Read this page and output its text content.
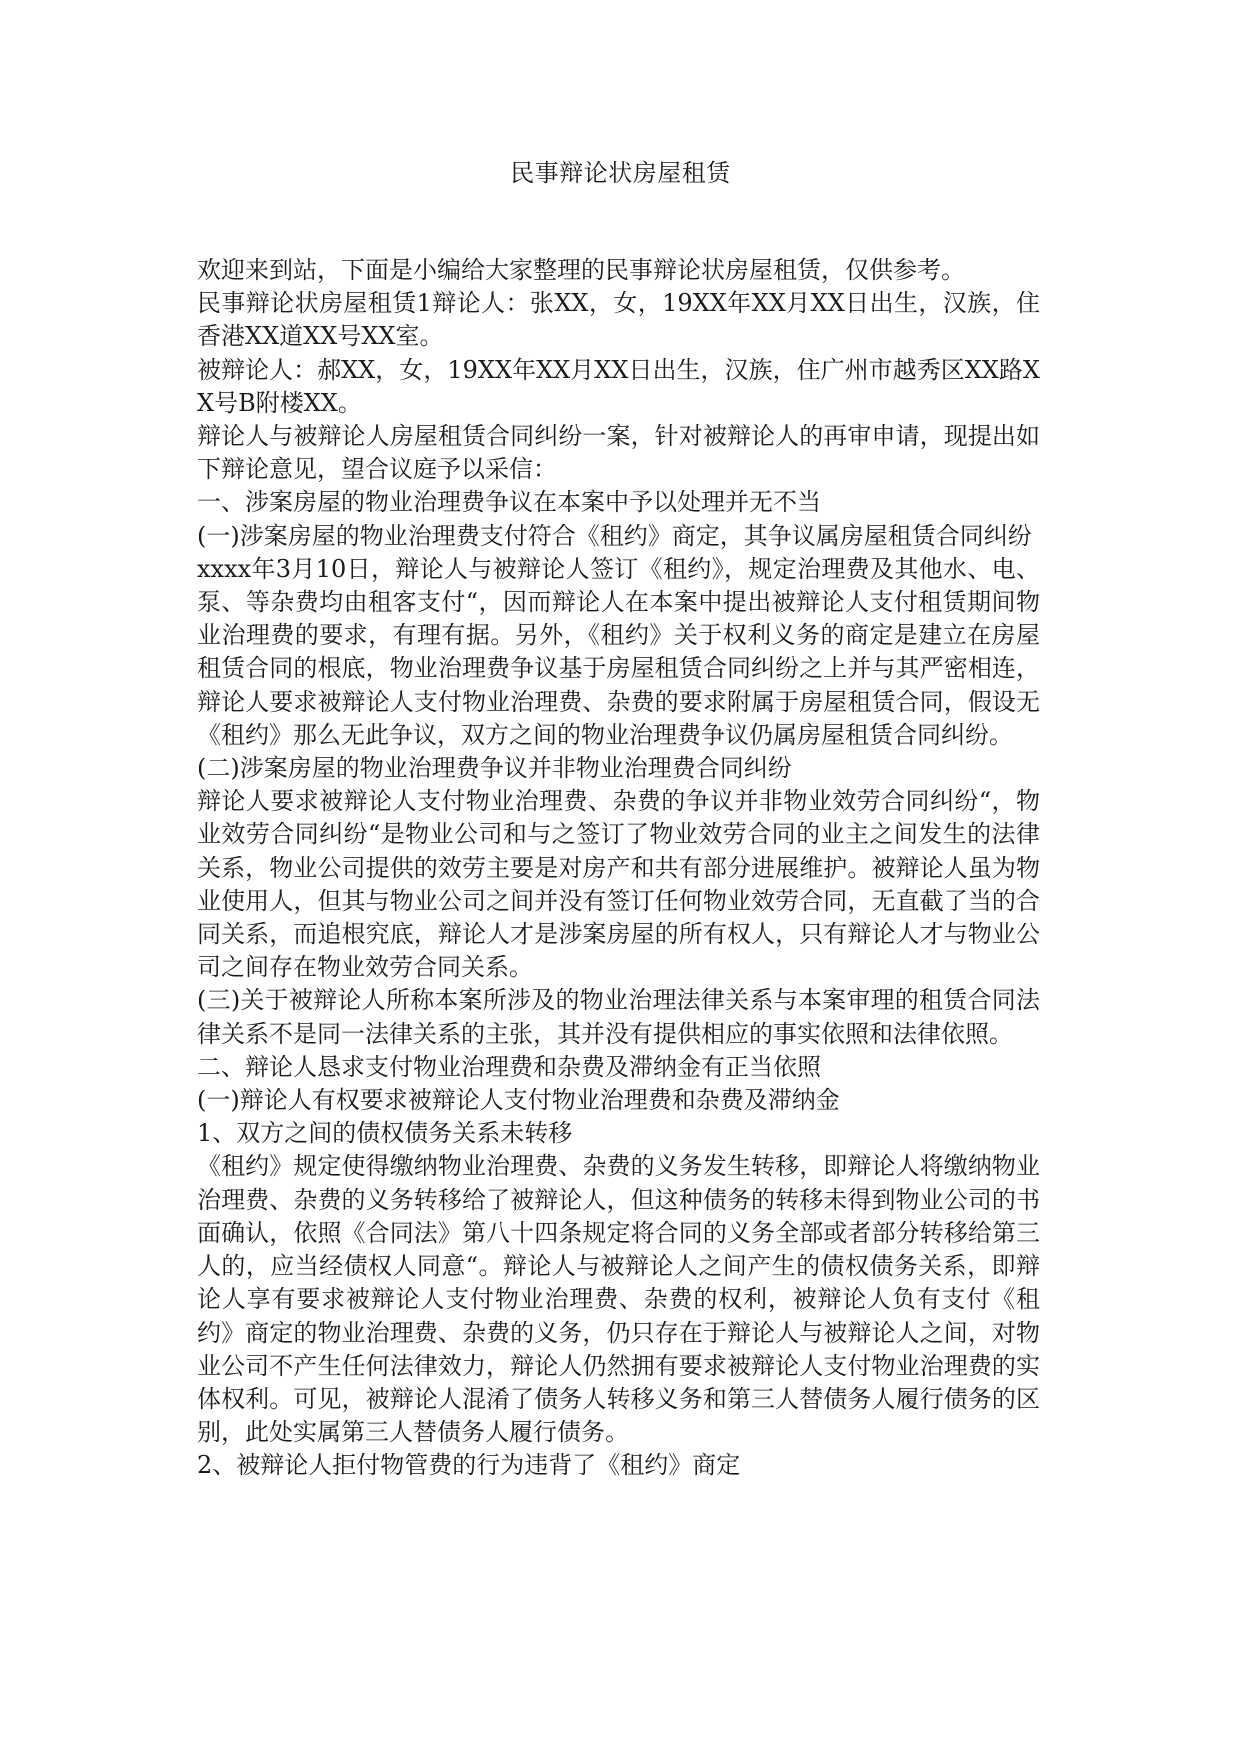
民事辩论状房屋租赁

欢迎来到站，下面是小编给大家整理的民事辩论状房屋租赁，仅供参考。

民事辩论状房屋租赁1辩论人：张XX，女，19XX年XX月XX日出生，汉族，住香港XX道XX号XX室。

被辩论人：郝XX，女，19XX年XX月XX日出生，汉族，住广州市越秀区XX路XX号B附楼XX。

辩论人与被辩论人房屋租赁合同纠纷一案，针对被辩论人的再审申请，现提出如下辩论意见，望合议庭予以采信：

一、涉案房屋的物业治理费争议在本案中予以处理并无不当

(一)涉案房屋的物业治理费支付符合《租约》商定，其争议属房屋租赁合同纠纷

xxxx年3月10日，辩论人与被辩论人签订《租约》，规定治理费及其他水、电、泵、等杂费均由租客支付“，因而辩论人在本案中提出被辩论人支付租赁期间物业治理费的要求，有理有据。另外，《租约》关于权利义务的商定是建立在房屋租赁合同的根底，物业治理费争议基于房屋租赁合同纠纷之上并与其严密相连，辩论人要求被辩论人支付物业治理费、杂费的要求附属于房屋租赁合同，假设无《租约》那么无此争议，双方之间的物业治理费争议仍属房屋租赁合同纠纷。

(二)涉案房屋的物业治理费争议并非物业治理费合同纠纷

辩论人要求被辩论人支付物业治理费、杂费的争议并非物业效劳合同纠纷“，物业效劳合同纠纷“是物业公司和与之签订了物业效劳合同的业主之间发生的法律关系，物业公司提供的效劳主要是对房产和共有部分进展维护。被辩论人虽为物业使用人，但其与物业公司之间并没有签订任何物业效劳合同，无直截了当的合同关系，而追根究底，辩论人才是涉案房屋的所有权人，只有辩论人才与物业公司之间存在物业效劳合同关系。

(三)关于被辩论人所称本案所涉及的物业治理法律关系与本案审理的租赁合同法律关系不是同一法律关系的主张，其并没有提供相应的事实依照和法律依照。

二、辩论人恳求支付物业治理费和杂费及滞纳金有正当依照

(一)辩论人有权要求被辩论人支付物业治理费和杂费及滞纳金

1、双方之间的债权债务关系未转移

《租约》规定使得缴纳物业治理费、杂费的义务发生转移，即辩论人将缴纳物业治理费、杂费的义务转移给了被辩论人，但这种债务的转移未得到物业公司的书面确认，依照《合同法》第八十四条规定将合同的义务全部或者部分转移给第三人的，应当经债权人同意“。辩论人与被辩论人之间产生的债权债务关系，即辩论人享有要求被辩论人支付物业治理费、杂费的权利，被辩论人负有支付《租约》商定的物业治理费、杂费的义务，仍只存在于辩论人与被辩论人之间，对物业公司不产生任何法律效力，辩论人仍然拥有要求被辩论人支付物业治理费的实体权利。可见，被辩论人混淆了债务人转移义务和第三人替债务人履行债务的区别，此处实属第三人替债务人履行债务。

2、被辩论人拒付物管费的行为违背了《租约》商定
